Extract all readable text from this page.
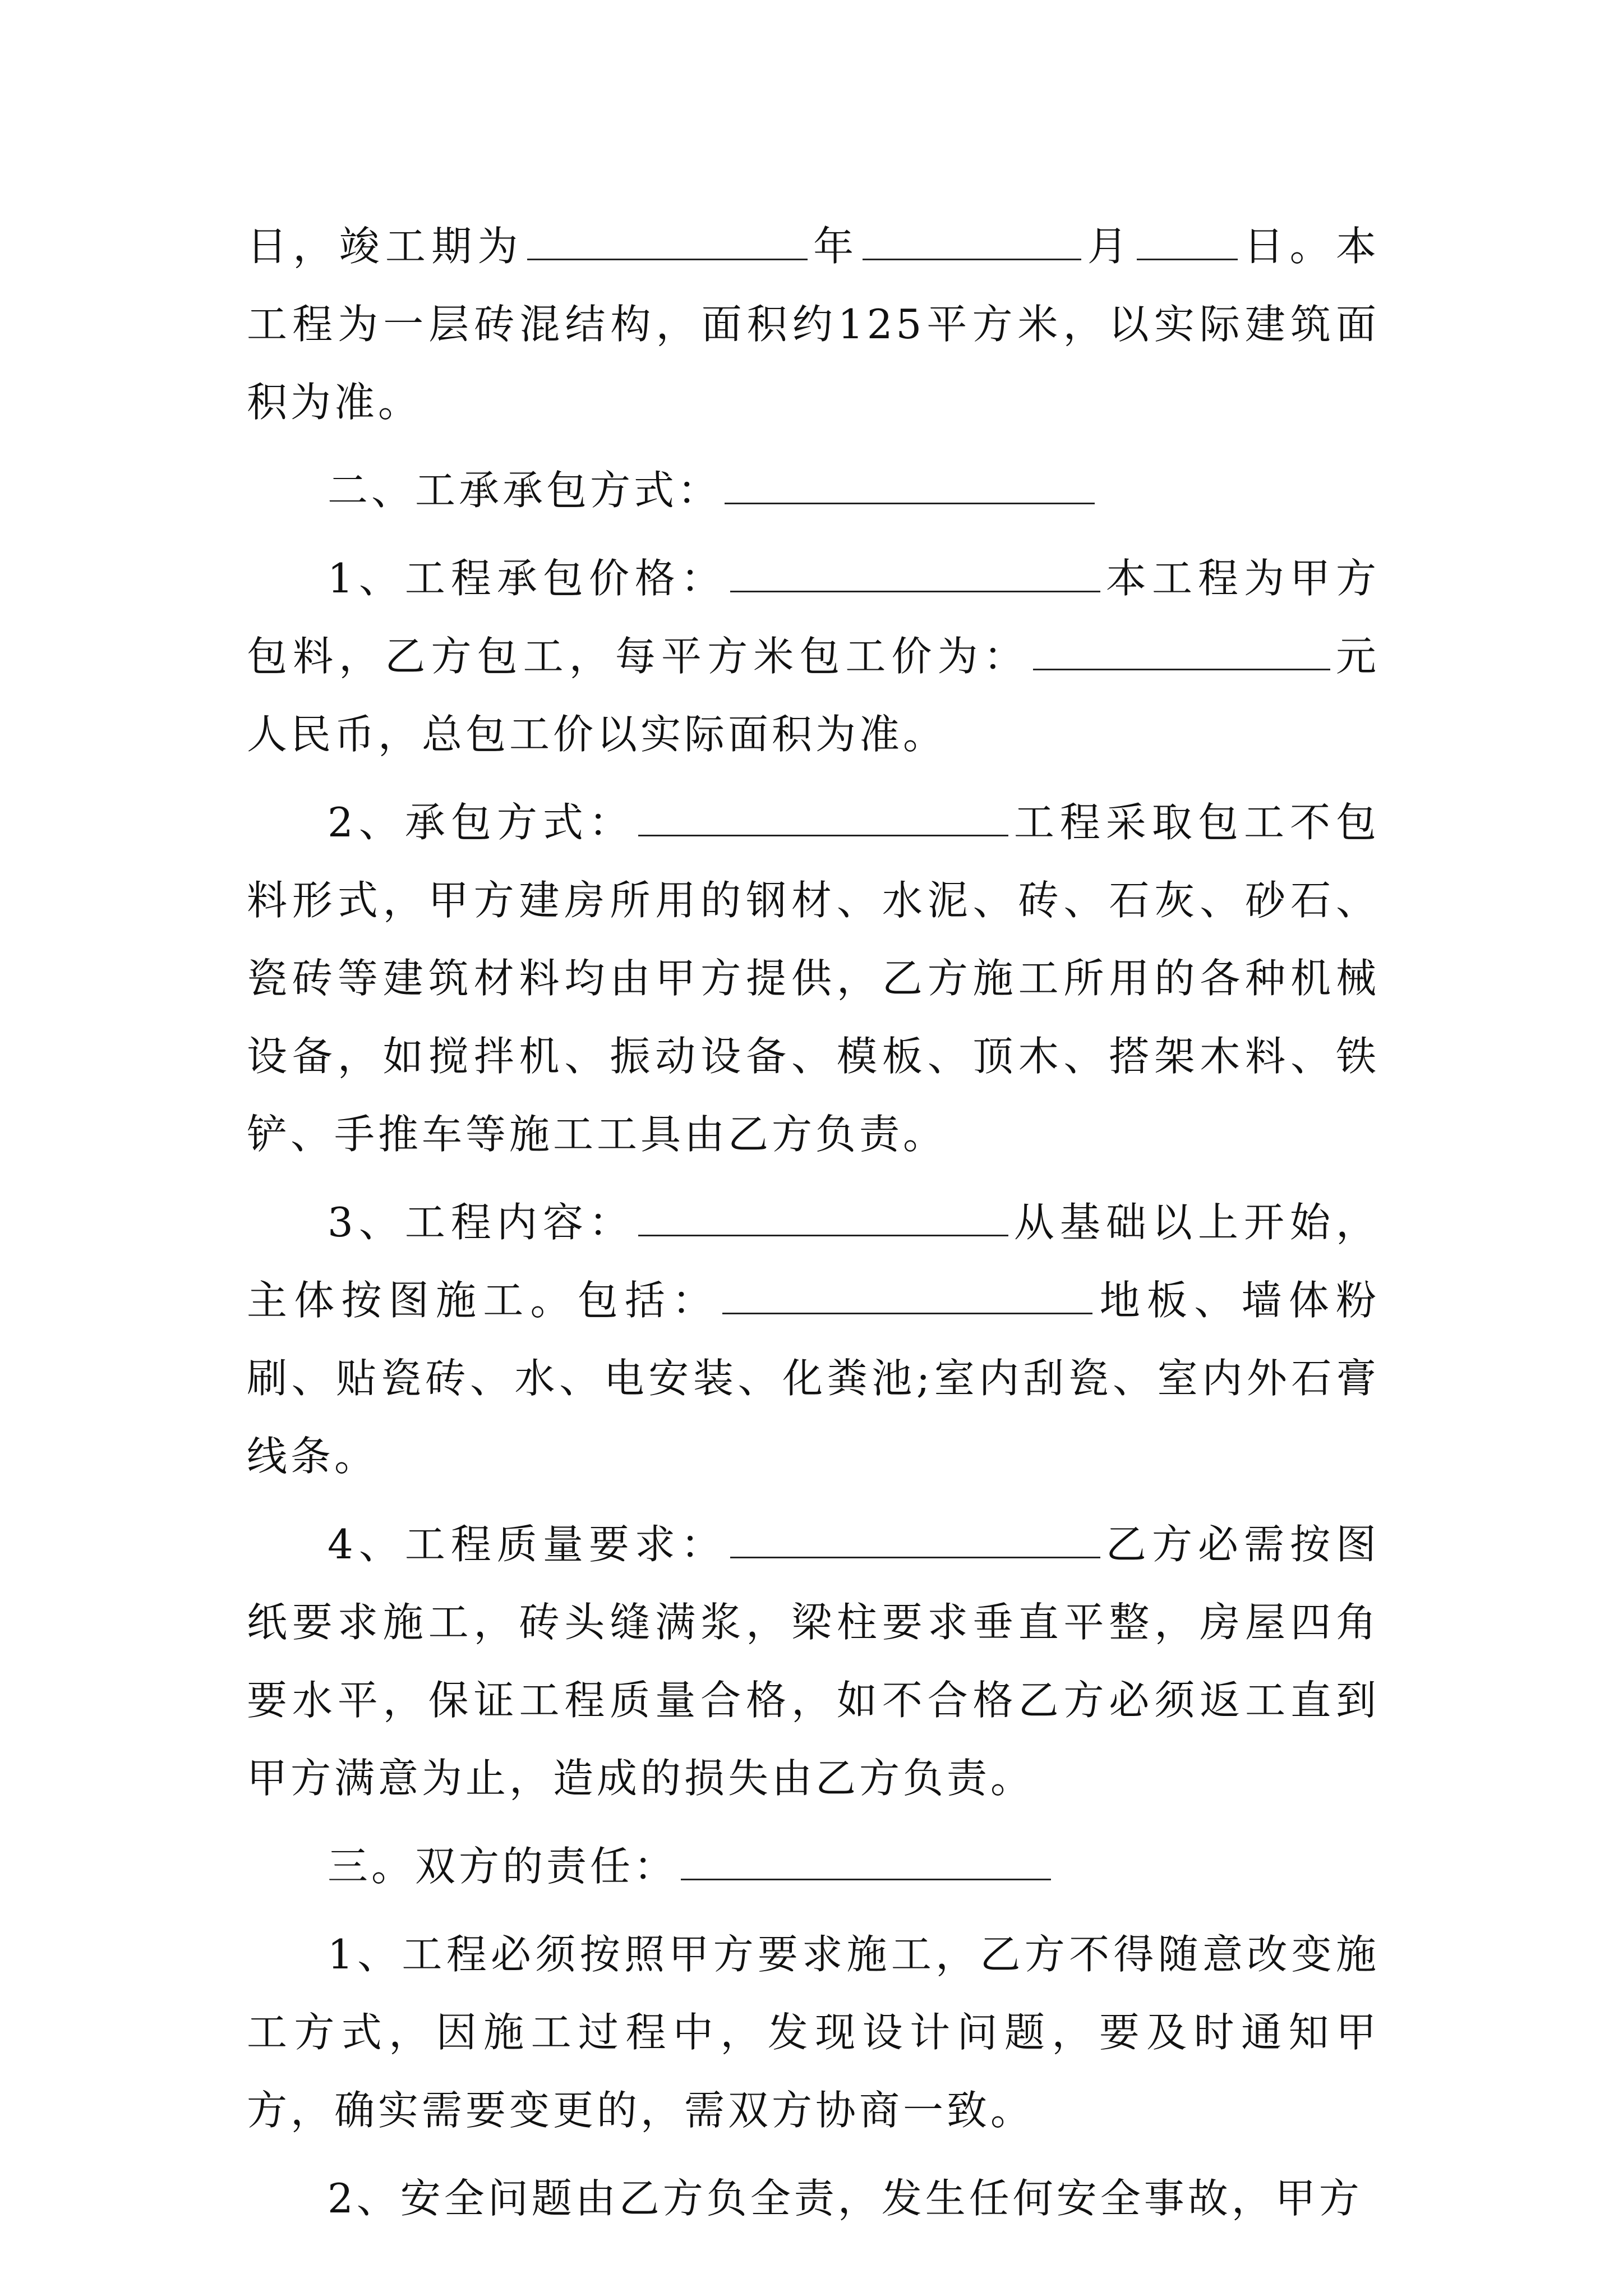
日，竣工期为	年	月	日。本工程为一层砖混结构，面积约125平方米，以实际建筑面积为准。

二、工承承包方式：

1、工程承包价格：	本工程为甲方包料，乙方包工，每平方米包工价为：	元人民币，总包工价以实际面积为准。

2、承包方式：	工程采取包工不包料形式，甲方建房所用的钢材、水泥、砖、石灰、砂石、瓷砖等建筑材料均由甲方提供，乙方施工所用的各种机械设备，如搅拌机、振动设备、模板、顶木、搭架木料、铁铲、手推车等施工工具由乙方负责。

3、工程内容：	从基础以上开始，主体按图施工。包括：	地板、墙体粉刷、贴瓷砖、水、电安装、化粪池;室内刮瓷、室内外石膏线条。

4、工程质量要求：	乙方必需按图纸要求施工，砖头缝满浆，梁柱要求垂直平整，房屋四角要水平，保证工程质量合格，如不合格乙方必须返工直到甲方满意为止，造成的损失由乙方负责。

三。双方的责任：

1、工程必须按照甲方要求施工，乙方不得随意改变施工方式，因施工过程中，发现设计问题，要及时通知甲方，确实需要变更的，需双方协商一致。

2、安全问题由乙方负全责，发生任何安全事故，甲方
